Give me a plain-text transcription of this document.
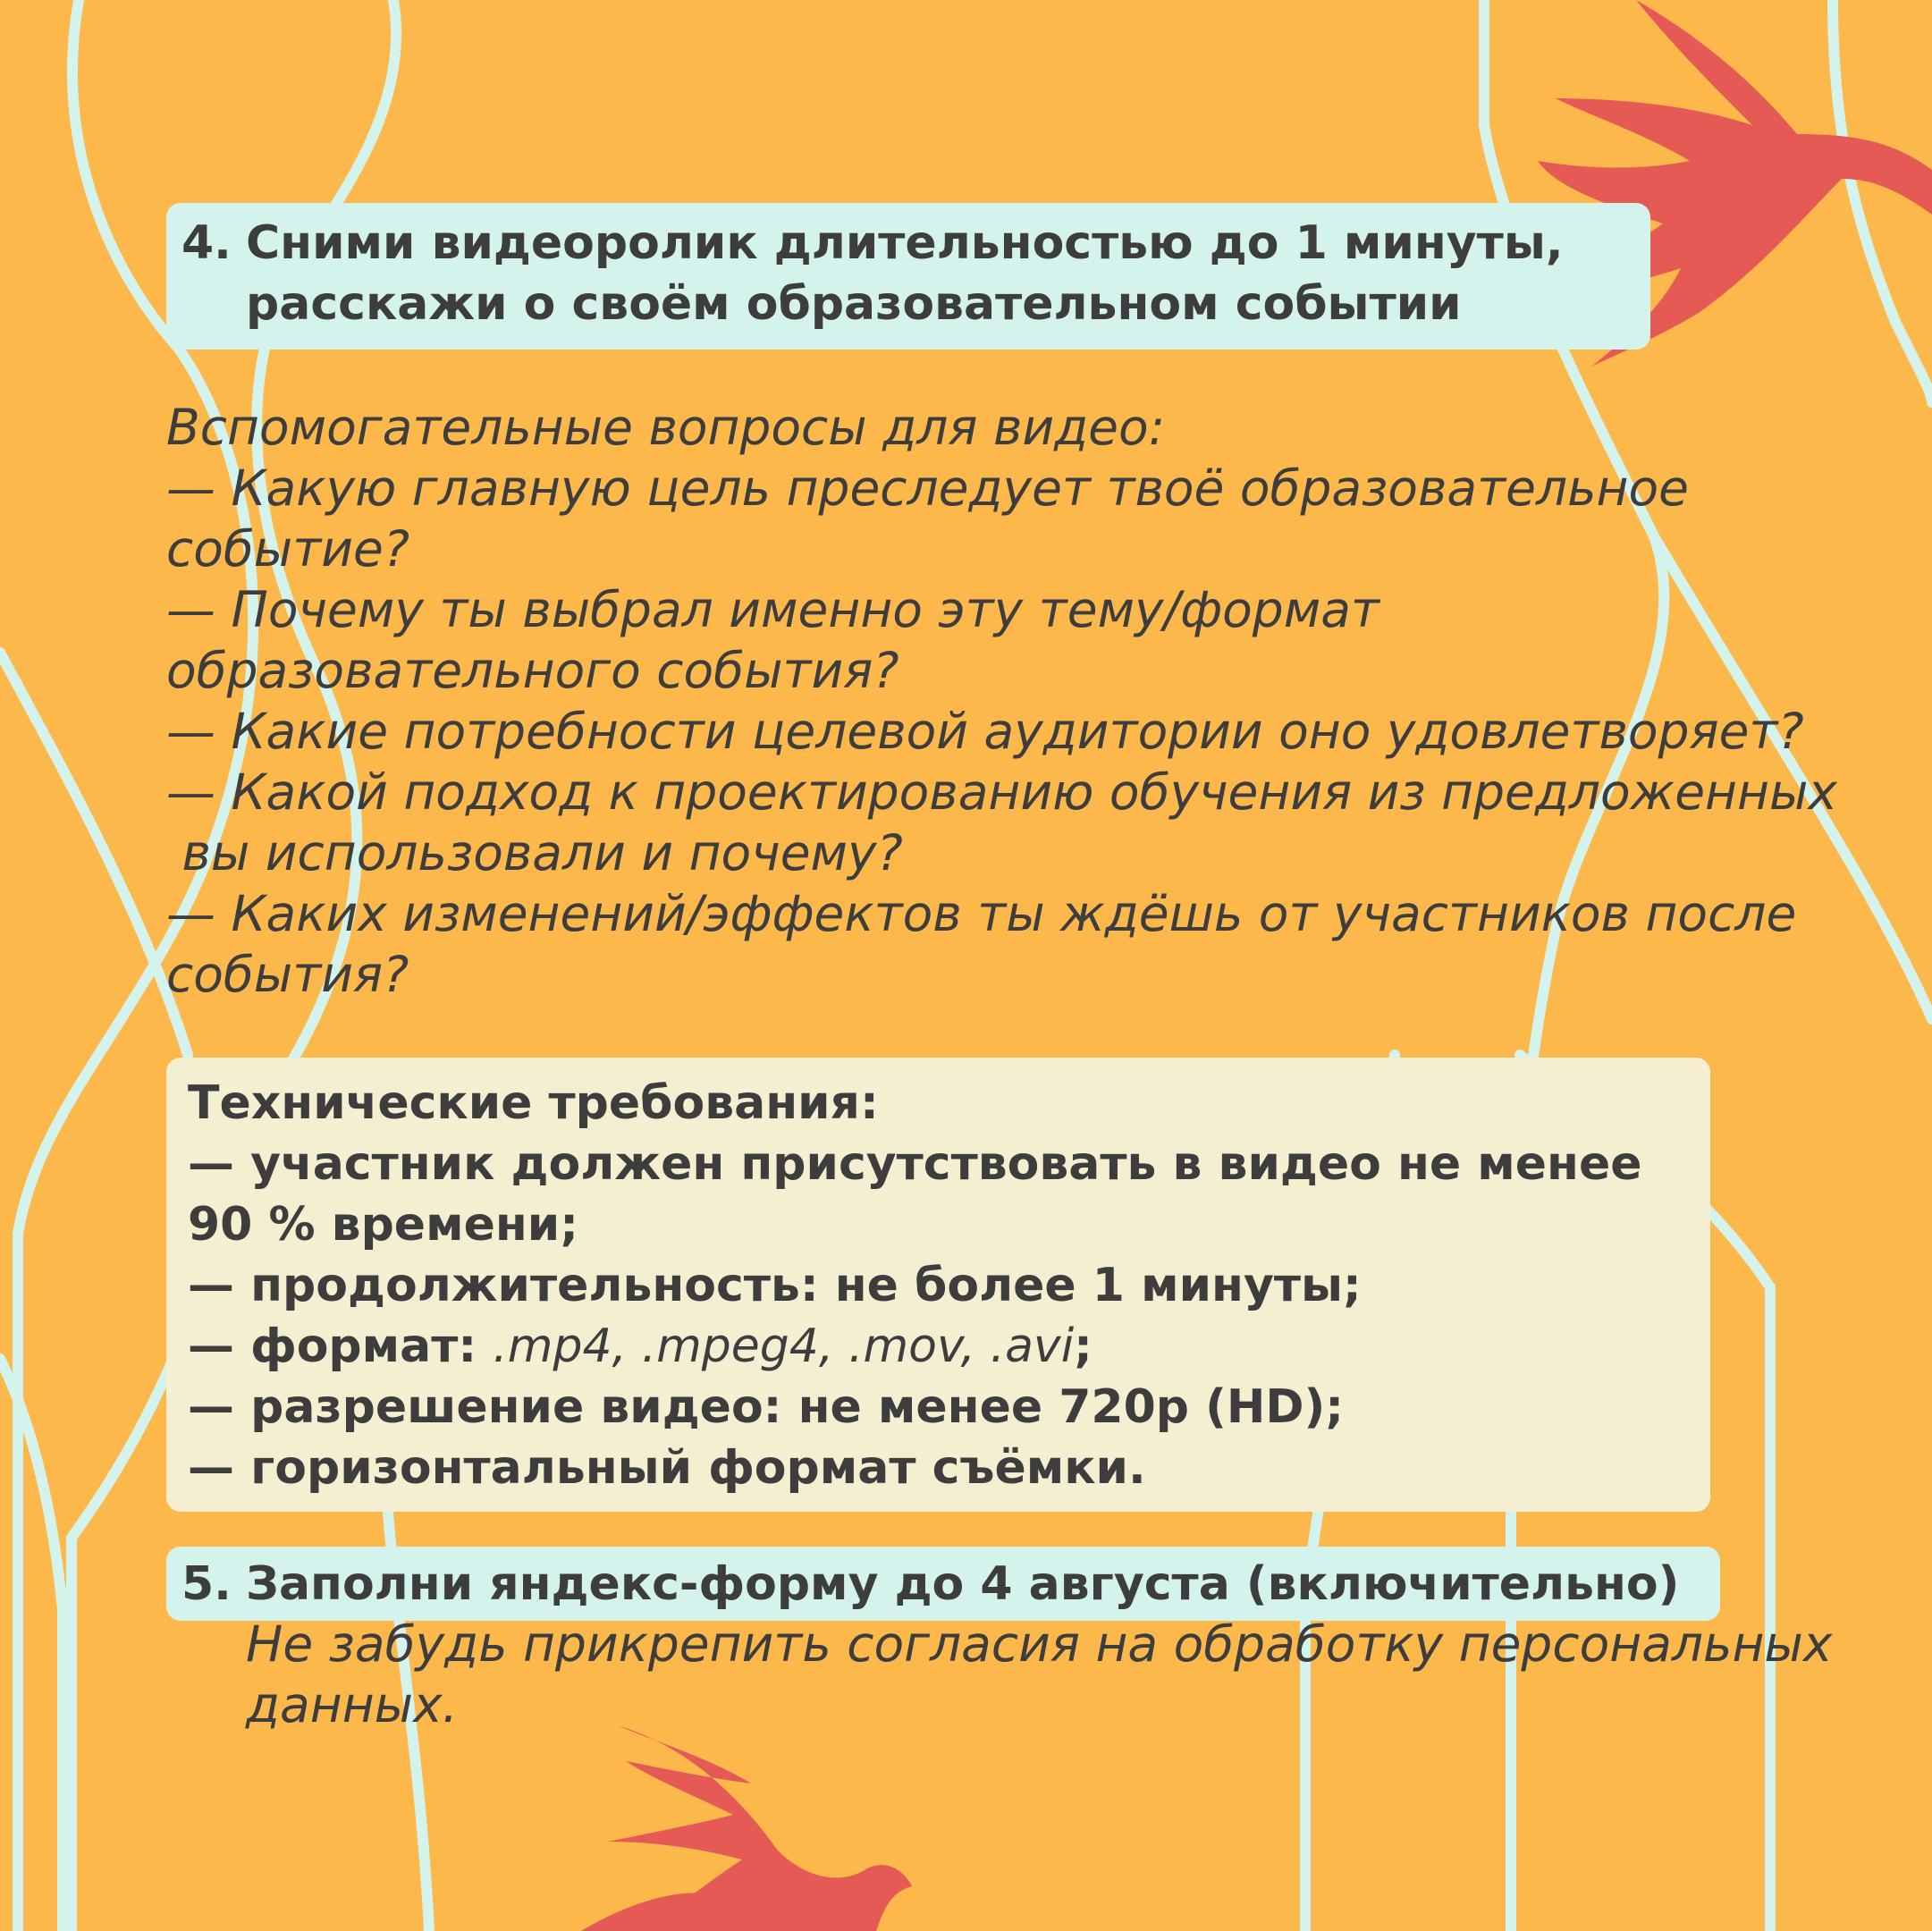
4. Сними видеоролик длительностью до 1 минуты,
расскажи о своём образовательном событии
Вспомогательные вопросы для видео:
— Какую главную цель преследует твоё образовательное
событие?
— Почему ты выбрал именно эту тему/формат
образовательного события?
— Какие потребности целевой аудитории оно удовлетворяет?
— Какой подход к проектированию обучения из предложенных
вы использовали и почему?
— Каких изменений/эффектов ты ждёшь от участников после
события?
Технические требования:
— участник должен присутствовать в видео не менее
90 % времени;
— продолжительность: не более 1 минуты;
— формат: .mp4, .mpeg4, .mov, .avi;
— разрешение видео: не менее 720p (HD);
— горизонтальный формат съёмки.
5. Заполни яндекс-форму до 4 августа (включительно)
Не забудь прикрепить согласия на обработку персональных
данных.
